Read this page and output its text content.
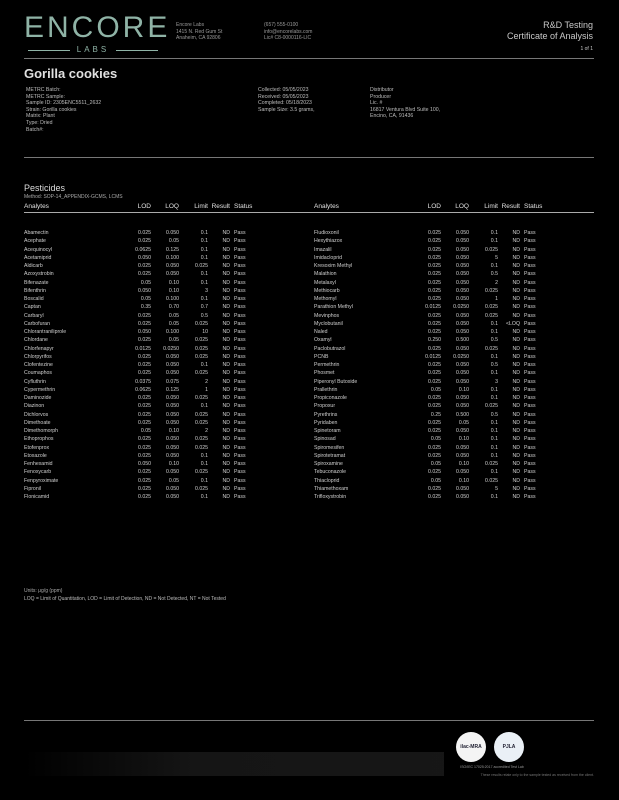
ENCORE
LABS
Encore Labs
1415 N. Red Gum St
Anaheim, CA 92806
(657) 555-0100
info@encorelabs.com
Lic# C8-0000116-LIC
R&D Testing
Certificate of Analysis
1 of 1
Gorilla cookies
METRC Batch:
METRC Sample:
Sample ID: 2305ENC5511_2632
Strain: Gorilla cookies
Matrix: Plant
Type: Dried
Batch#:
Collected: 05/05/2023
Received: 05/05/2023
Completed: 05/18/2023
Sample Size: 3.5 grams,
Distributor
Producer
Lic. #
16817 Ventura Blvd Suite 100,
Encino, CA, 91436
Pesticides
Method: SOP-14_APPENDIX-GCMS, LCMS
Analytes	LOD	LOQ	Limit Result Status	Analytes	LOD	LOQ	Limit Result Status
Abamectin	0.025	0.050	0.1	ND Pass	Fludioxonil	0.025	0.050	0.1	ND Pass
Acephate	0.025	0.05	0.1	ND Pass	Hexythiazox	0.025	0.050	0.1	ND Pass
Acequinocyl	0.0625	0.125	0.1	ND Pass	Imazalil	0.025	0.050	0.025	ND Pass
Acetamiprid	0.050	0.100	0.1	ND Pass	Imidacloprid	0.025	0.050	5	ND Pass
Aldicarb	0.025	0.050	0.025	ND Pass	Kresoxim Methyl	0.025	0.050	0.1	ND Pass
Azoxystrobin	0.025	0.050	0.1	ND Pass	Malathion	0.025	0.050	0.5	ND Pass
Bifenazate	0.05	0.10	0.1	ND Pass	Metalaxyl	0.025	0.050	2	ND Pass
Bifenthrin	0.050	0.10	3	ND Pass	Methiocarb	0.025	0.050	0.025	ND Pass
Boscalid	0.05	0.100	0.1	ND Pass	Methomyl	0.025	0.050	1	ND Pass
Captan	0.35	0.70	0.7	ND Pass	Parathion Methyl	0.0125	0.0250	0.025	ND Pass
Carbaryl	0.025	0.05	0.5	ND Pass	Mevinphos	0.025	0.050	0.025	ND Pass
Carbofuran	0.025	0.05	0.025	ND Pass	Myclobutanil	0.025	0.050	0.1	<LOQ Pass
Chlorantraniliprole	0.050	0.100	10	ND Pass	Naled	0.025	0.050	0.1	ND Pass
Chlordane	0.025	0.05	0.025	ND Pass	Oxamyl	0.250	0.500	0.5	ND Pass
Chlorfenapyr	0.0125	0.0250	0.025	ND Pass	Paclobutrazol	0.025	0.050	0.025	ND Pass
Chlorpyrifos	0.025	0.050	0.025	ND Pass	PCNB	0.0125	0.0250	0.1	ND Pass
Clofentezine	0.025	0.050	0.1	ND Pass	Permethrin	0.025	0.050	0.5	ND Pass
Coumaphos	0.025	0.050	0.025	ND Pass	Phosmet	0.025	0.050	0.1	ND Pass
Cyfluthrin	0.0375	0.075	2	ND Pass	Piperonyl Butoxide	0.025	0.050	3	ND Pass
Cypermethrin	0.0625	0.125	1	ND Pass	Prallethrin	0.05	0.10	0.1	ND Pass
Daminozide	0.025	0.050	0.025	ND Pass	Propiconazole	0.025	0.050	0.1	ND Pass
Diazinon	0.025	0.050	0.1	ND Pass	Propoxur	0.025	0.050	0.025	ND Pass
Dichlorvos	0.025	0.050	0.025	ND Pass	Pyrethrins	0.25	0.500	0.5	ND Pass
Dimethoate	0.025	0.050	0.025	ND Pass	Pyridaben	0.025	0.05	0.1	ND Pass
Dimethomorph	0.05	0.10	2	ND Pass	Spinetoram	0.025	0.050	0.1	ND Pass
Ethoprophos	0.025	0.050	0.025	ND Pass	Spinosad	0.05	0.10	0.1	ND Pass
Etofenprox	0.025	0.050	0.025	ND Pass	Spiromesifen	0.025	0.050	0.1	ND Pass
Etoxazole	0.025	0.050	0.1	ND Pass	Spirotetramat	0.025	0.050	0.1	ND Pass
Fenhexamid	0.050	0.10	0.1	ND Pass	Spiroxamine	0.05	0.10	0.025	ND Pass
Fenoxycarb	0.025	0.050	0.025	ND Pass	Tebuconazole	0.025	0.050	0.1	ND Pass
Fenpyroximate	0.025	0.05	0.1	ND Pass	Thiacloprid	0.05	0.10	0.025	ND Pass
Fipronil	0.025	0.050	0.025	ND Pass	Thiamethoxam	0.025	0.050	5	ND Pass
Flonicamid	0.025	0.050	0.1	ND Pass	Trifloxystrobin	0.025	0.050	0.1	ND Pass
Units: μg/g (ppm)
LOQ = Limit of Quantitation, LOD = Limit of Detection, ND = Not Detected, NT = Not Tested
ilac-MRA	PJLA
ISO/IEC 17025:2017 accredited Test Lab
These results relate only to the sample tested as received from the client.
